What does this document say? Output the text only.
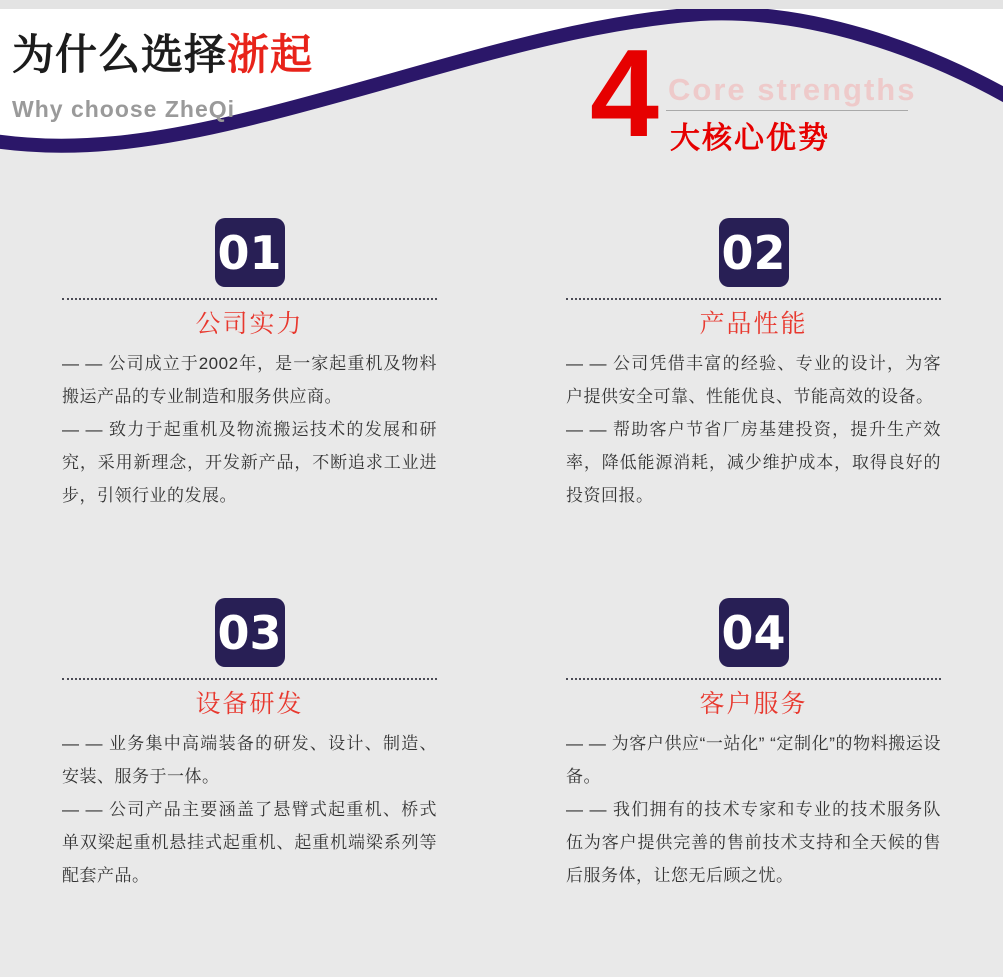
为什么选择浙起
Why choose ZheQi	4 Core strengths
大核心优势
01
公司实力

— — 公司成立于2002年，是一家起重机及物料搬运产品的专业制造和服务供应商。

— — 致力于起重机及物流搬运技术的发展和研究，采用新理念，开发新产品，不断追求工业进步，引领行业的发展。

02
产品性能

— — 公司凭借丰富的经验、专业的设计，为客户提供安全可靠、性能优良、节能高效的设备。

— — 帮助客户节省厂房基建投资，提升生产效率，降低能源消耗，减少维护成本，取得良好的投资回报。

03
设备研发

— — 业务集中高端装备的研发、设计、制造、安装、服务于一体。

— — 公司产品主要涵盖了悬臂式起重机、桥式单双梁起重机悬挂式起重机、起重机端梁系列等配套产品。

04
客户服务

— — 为客户供应“一站化” “定制化”的物料搬运设备。

— — 我们拥有的技术专家和专业的技术服务队伍为客户提供完善的售前技术支持和全天候的售后服务体，让您无后顾之忧。
